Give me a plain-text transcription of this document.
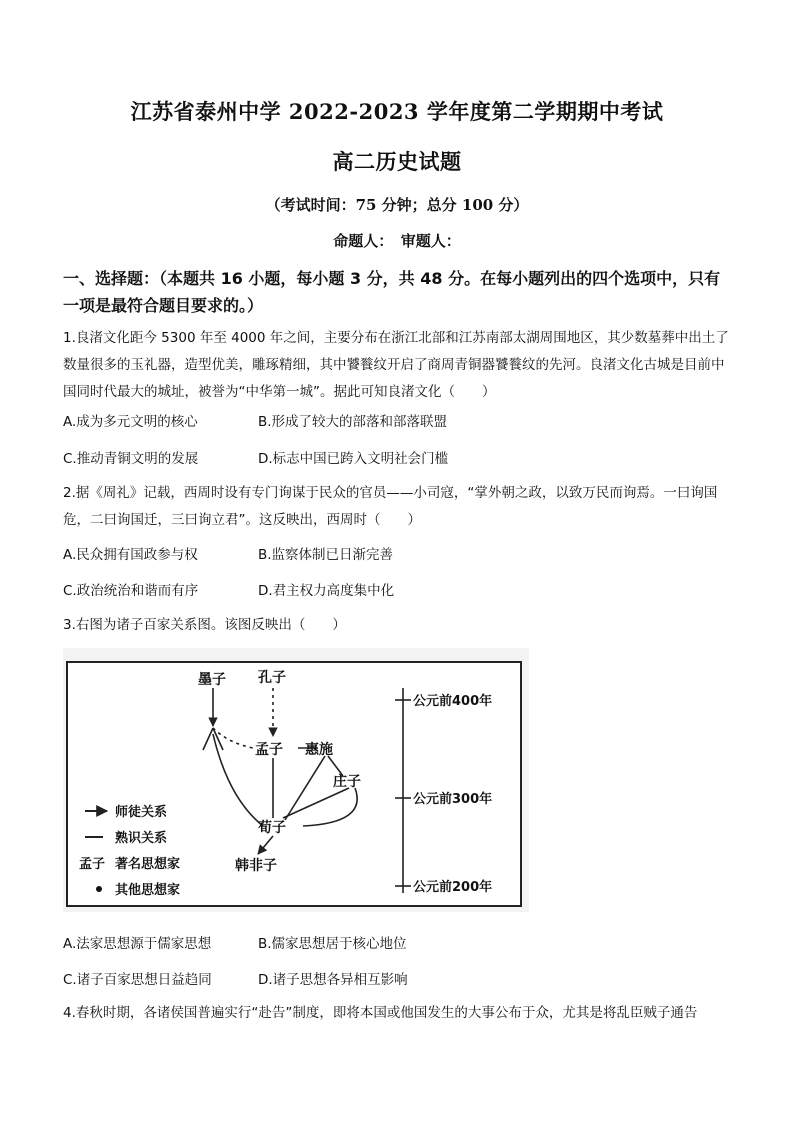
江苏省泰州中学 2022-2023 学年度第二学期期中考试
高二历史试题
（考试时间：75 分钟；总分 100 分）
命题人：　审题人：
一、选择题：（本题共 16 小题，每小题 3 分，共 48 分。在每小题列出的四个选项中，只有一项是最符合题目要求的。）
1.良渚文化距今 5300 年至 4000 年之间，主要分布在浙江北部和江苏南部太湖周围地区，其少数墓葬中出土了数量很多的玉礼器，造型优美，雕琢精细，其中饕餮纹开启了商周青铜器饕餮纹的先河。良渚文化古城是目前中国同时代最大的城址，被誉为“中华第一城”。据此可知良渚文化（　　）
A.成为多元文明的核心	B.形成了较大的部落和部落联盟
C.推动青铜文明的发展	D.标志中国已跨入文明社会门槛
2.据《周礼》记载，西周时设有专门询谋于民众的官员——小司寇，“掌外朝之政，以致万民而询焉。一曰询国危，二曰询国迁，三曰询立君”。这反映出，西周时（　　）
A.民众拥有国政参与权	B.监察体制已日渐完善
C.政治统治和谐而有序	D.君主权力高度集中化
3.右图为诸子百家关系图。该图反映出（　　）
墨子 孔子
孟子 惠施
庄子
荀子
韩非子
公元前400年
公元前300年
公元前200年
师徒关系
熟识关系
孟子 著名思想家
其他思想家
A.法家思想源于儒家思想	B.儒家思想居于核心地位
C.诸子百家思想日益趋同	D.诸子思想各异相互影响
4.春秋时期，各诸侯国普遍实行“赴告”制度，即将本国或他国发生的大事公布于众，尤其是将乱臣贼子通告
